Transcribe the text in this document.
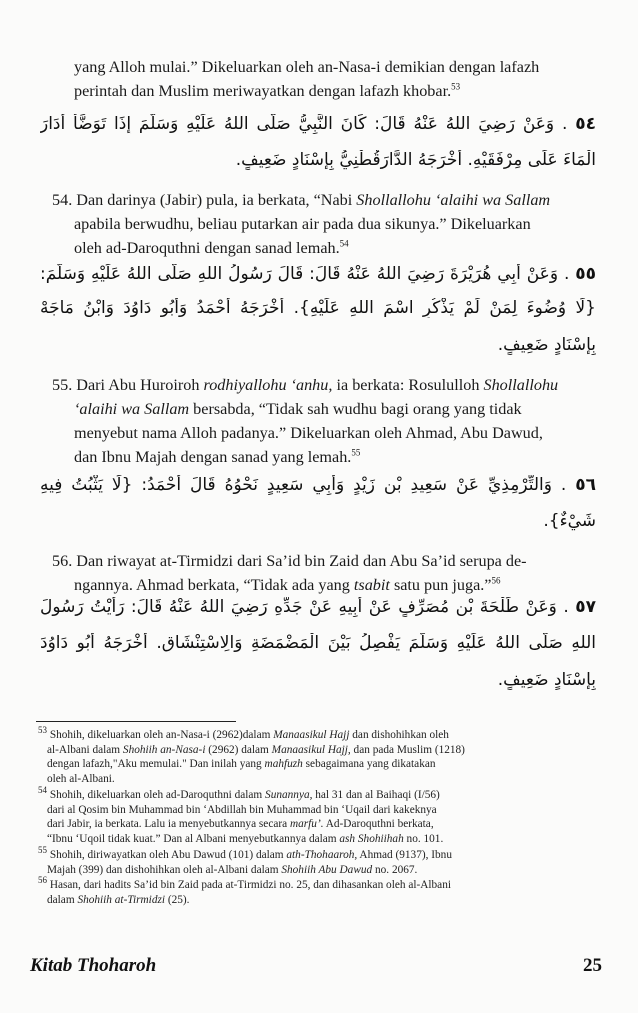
yang Alloh mulai.” Dikeluarkan oleh an-Nasa-i demikian dengan lafazh

perintah dan Muslim meriwayatkan dengan lafazh khobar.$^{53}$

٥٤ . وَعَنْ رَضِيَ اللهُ عَنْهُ قَالَ: كَانَ النَّبِيُّ صَلَّى اللهُ عَلَيْهِ وَسَلَّمَ إِذَا تَوَضَّأَ أَدَارَ
الْمَاءَ عَلَى مِرْفَقَيْهِ. أَخْرَجَهُ الدَّارَقُطْنِيُّ بِإِسْنَادٍ ضَعِيفٍ.

54. Dan darinya (Jabir) pula, ia berkata, “Nabi Shollallohu ‘alaihi wa Sallam

apabila berwudhu, beliau putarkan air pada dua sikunya.” Dikeluarkan

oleh ad-Daroquthni dengan sanad lemah.$^{54}$

٥٥ . وَعَنْ أَبِي هُرَيْرَةَ رَضِيَ اللهُ عَنْهُ قَالَ: قَالَ رَسُولُ اللهِ صَلَّى اللهُ عَلَيْهِ وَسَلَّمَ:
{لَا وُضُوءَ لِمَنْ لَمْ يَذْكُرِ اسْمَ اللهِ عَلَيْهِ}. أَخْرَجَهُ أَحْمَدُ وَأَبُو دَاوُدَ وَابْنُ مَاجَهْ
بِإِسْنَادٍ ضَعِيفٍ.

55. Dari Abu Huroiroh rodhiyallohu ‘anhu, ia berkata: Rosulullоh Shollallohu

‘alaihi wa Sallam bersabda, “Tidak sah wudhu bagi orang yang tidak

menyebut nama Alloh padanya.” Dikeluarkan oleh Ahmad, Abu Dawud,

dan Ibnu Majah dengan sanad yang lemah.$^{55}$

٥٦ . وَالتِّرْمِذِيِّ عَنْ سَعِيدِ بْنِ زَيْدٍ وَأَبِي سَعِيدٍ نَحْوُهُ قَالَ أَحْمَدُ: {لَا يَثْبُتُ فِيهِ
شَيْءٌ}.

56. Dan riwayat at-Tirmidzi dari Sa’id bin Zaid dan Abu Sa’id serupa de-

ngannya. Ahmad berkata, “Tidak ada yang tsabit satu pun juga.”$^{56}$

٥٧ . وَعَنْ طَلْحَةَ بْنِ مُصَرِّفٍ عَنْ أَبِيهِ عَنْ جَدِّهِ رَضِيَ اللهُ عَنْهُ قَالَ: رَأَيْتُ رَسُولَ
اللهِ صَلَّى اللهُ عَلَيْهِ وَسَلَّمَ يَفْصِلُ بَيْنَ الْمَضْمَضَةِ وَالِاسْتِنْشَاقِ. أَخْرَجَهُ أَبُو دَاوُدَ
بِإِسْنَادٍ ضَعِيفٍ.
$^{53}$ Shohih, dikeluarkan oleh an-Nasa-i (2962)dalam Manaasikul Hajj dan dishohihkan oleh
al-Albani dalam Shohiih an-Nasa-i (2962) dalam Manaasikul Hajj, dan pada Muslim (1218)
dengan lafazh,"Aku memulai." Dan inilah yang mahfuzh sebagaimana yang dikatakan
oleh al-Albani.
$^{54}$ Shohih, dikeluarkan oleh ad-Daroquthni dalam Sunannya, hal 31 dan al Baihaqi (I/56)
dari al Qosim bin Muhammad bin ‘Abdillah bin Muhammad bin ‘Uqail dari kakeknya
dari Jabir, ia berkata. Lalu ia menyebutkannya secara marfu’. Ad-Daroquthni berkata,
“Ibnu ‘Uqoil tidak kuat.” Dan al Albani menyebutkannya dalam ash Shohiihah no. 101.
$^{55}$ Shohih, diriwayatkan oleh Abu Dawud (101) dalam ath-Thohaaroh, Ahmad (9137), Ibnu
Majah (399) dan dishohihkan oleh al-Albani dalam Shohiih Abu Dawud no. 2067.
$^{56}$ Hasan, dari hadits Sa’id bin Zaid pada at-Tirmidzi no. 25, dan dihasankan oleh al-Albani
dalam Shohiih at-Tirmidzi (25).
Kitab Thoharoh	25
